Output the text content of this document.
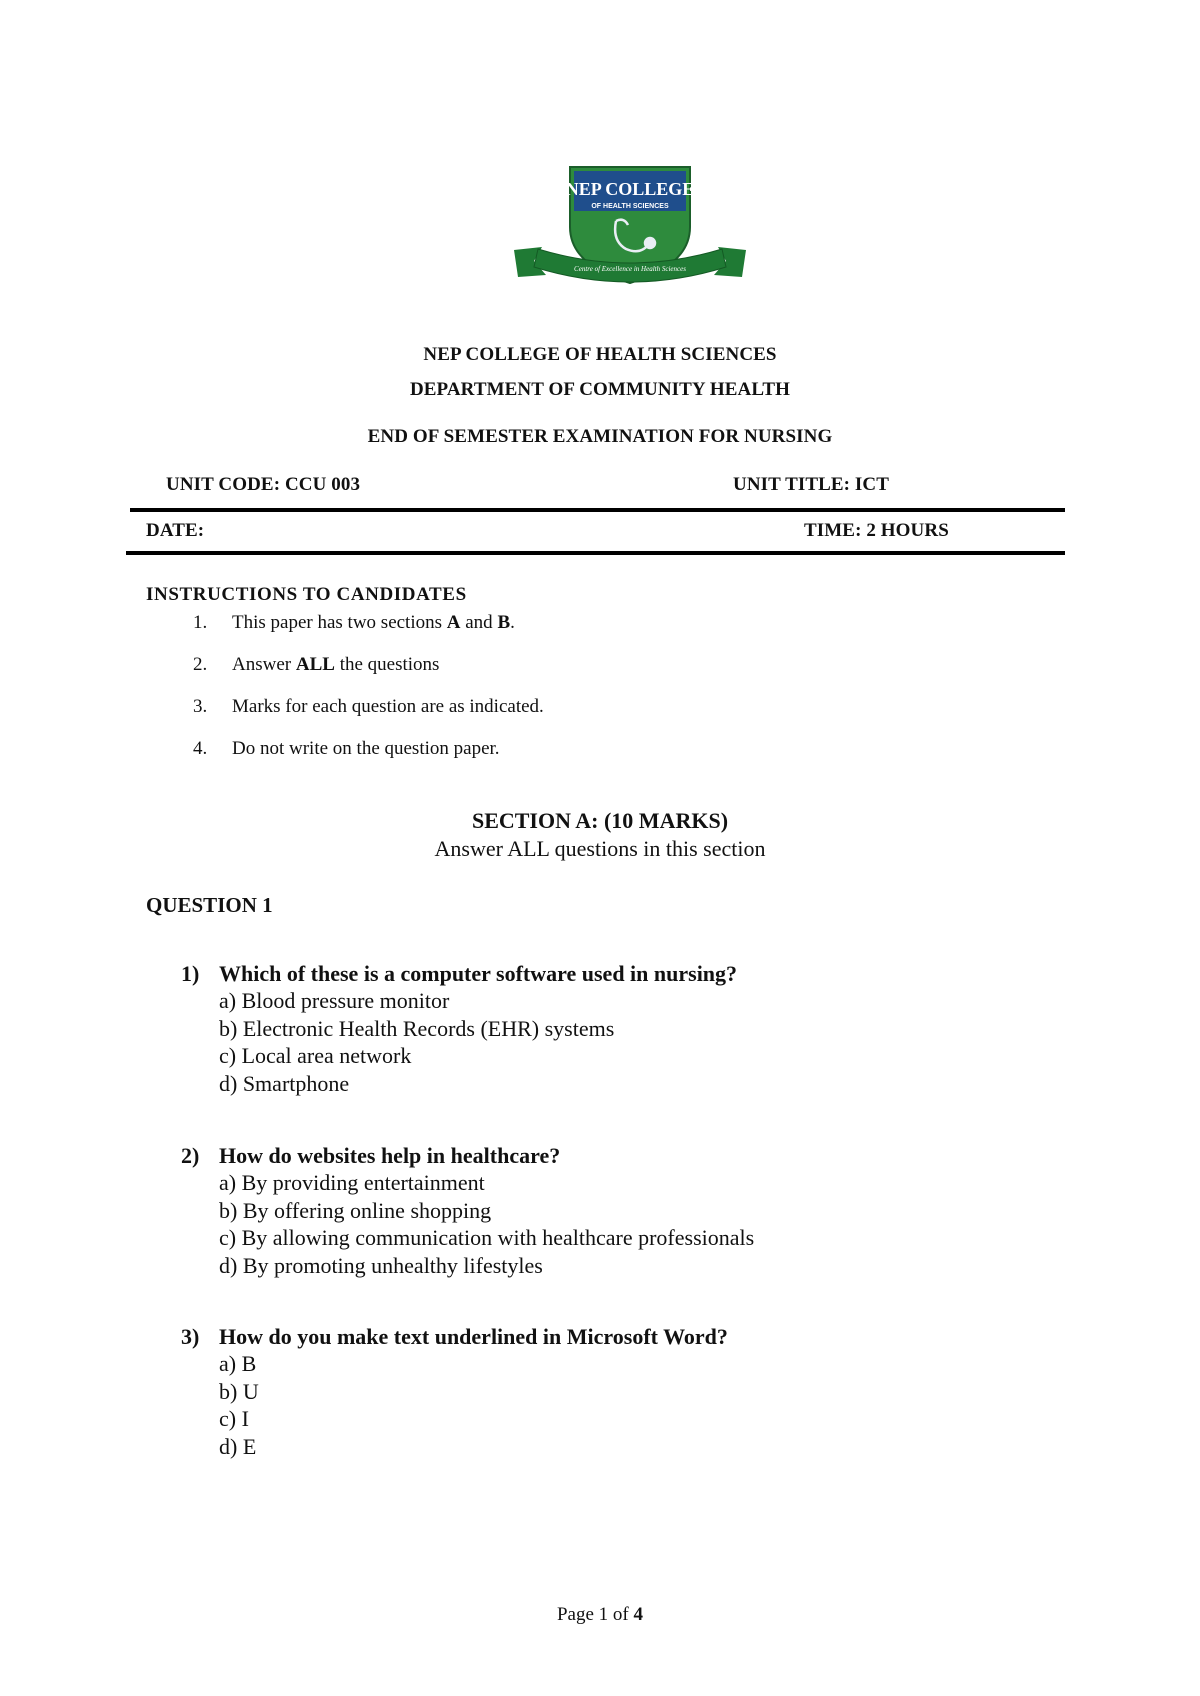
NEP COLLEGE
OF HEALTH SCIENCES
Centre of Excellence in Health Sciences
NEP COLLEGE OF HEALTH SCIENCES
DEPARTMENT OF COMMUNITY HEALTH
END OF SEMESTER EXAMINATION FOR NURSING
UNIT CODE: CCU 003	UNIT TITLE: ICT
DATE:	TIME: 2 HOURS
INSTRUCTIONS TO CANDIDATES
1. This paper has two sections A and B.
2. Answer ALL the questions
3. Marks for each question are as indicated.
4. Do not write on the question paper.
SECTION A: (10 MARKS)
Answer ALL questions in this section
QUESTION 1
1) Which of these is a computer software used in nursing?
a) Blood pressure monitor
b) Electronic Health Records (EHR) systems
c) Local area network
d) Smartphone
2) How do websites help in healthcare?
a) By providing entertainment
b) By offering online shopping
c) By allowing communication with healthcare professionals
d) By promoting unhealthy lifestyles
3) How do you make text underlined in Microsoft Word?
a) B
b) U
c) I
d) E
Page 1 of 4
